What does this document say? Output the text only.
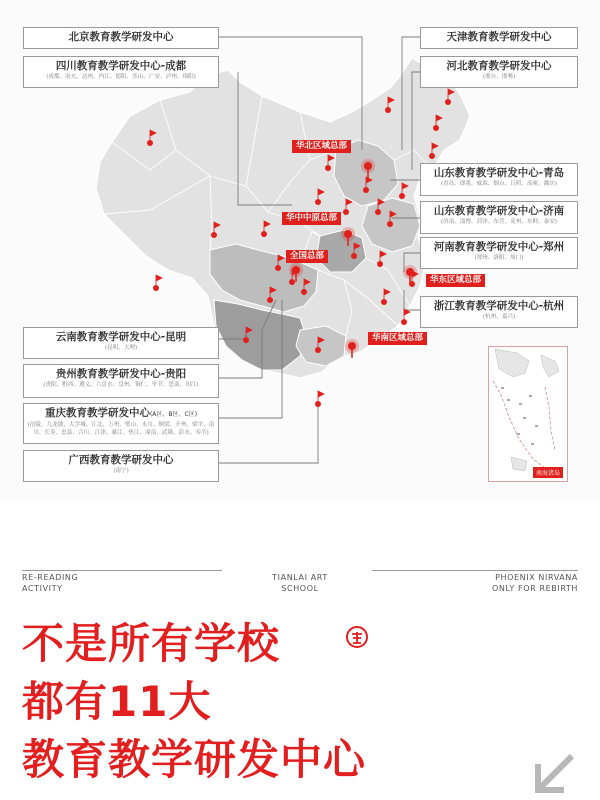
华北区域总部
华中中原总部
全国总部
华东区域总部
华南区域总部
北京教育教学研发中心
四川教育教学研发中心-成都
(成都、南充、达州、内江、德阳、乐山、广安、泸州、绵阳)
云南教育教学研发中心-昆明
(昆明、大理)
贵州教育教学研发中心-贵阳
(贵阳、黔西、遵义、六盘水、盘州、铜仁、毕节、思南、印江)
重庆教育教学研发中心(A区、B区、C区)
(涪陵、九龙坡、大学城、江北、万州、璧山、永川、铜梁、开州、梁平、南川、长寿、忠县、合川、江津、綦江、垫江、潼南、武隆、彭水、奉节)
广西教育教学研发中心
(南宁)
天津教育教学研发中心
河北教育教学研发中心
(邢台、邯郸)
山东教育教学研发中心-青岛
(青岛、即墨、威海、烟台、日照、高密、潍坊)
山东教育教学研发中心-济南
(济南、淄博、菏泽、东营、兖州、东阿、泰安)
河南教育教学研发中心-郑州
(郑州、洛阳、周口)
浙江教育教学研发中心-杭州
(杭州、嘉兴)
南海诸岛
RE-READING
ACTIVITY
TIANLAI ART
SCHOOL
PHOENIX NIRVANA
ONLY FOR REBIRTH
不是所有学校
都有11大
教育教学研发中心
